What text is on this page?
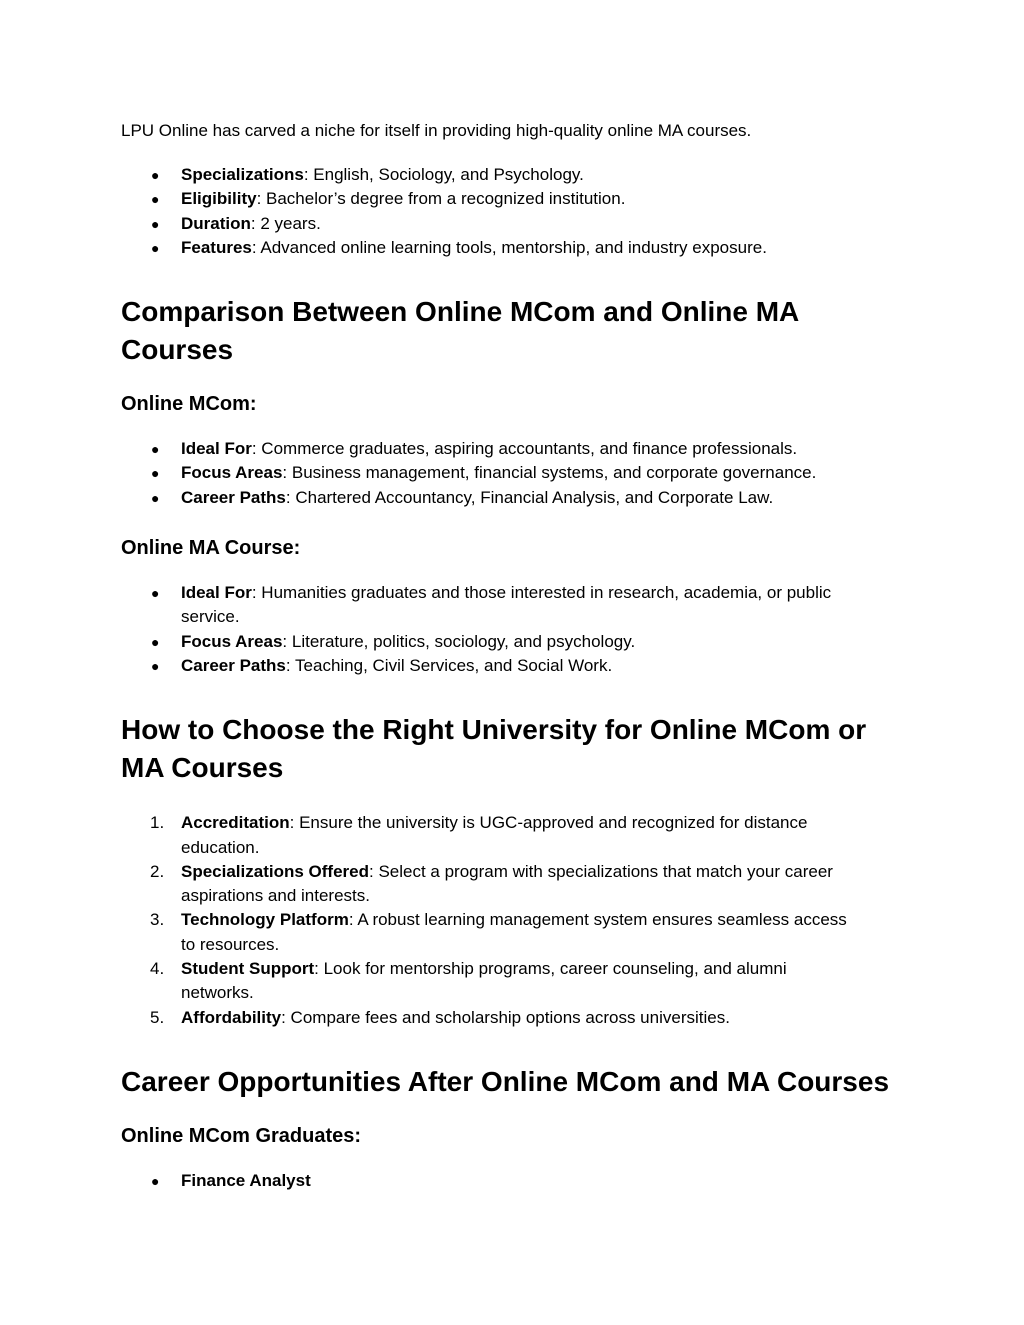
LPU Online has carved a niche for itself in providing high-quality online MA courses.

● Specializations: English, Sociology, and Psychology.
● Eligibility: Bachelor’s degree from a recognized institution.
● Duration: 2 years.
● Features: Advanced online learning tools, mentorship, and industry exposure.
Comparison Between Online MCom and Online MA
Courses
Online MCom:
● Ideal For: Commerce graduates, aspiring accountants, and finance professionals.
● Focus Areas: Business management, financial systems, and corporate governance.
● Career Paths: Chartered Accountancy, Financial Analysis, and Corporate Law.
Online MA Course:
● Ideal For: Humanities graduates and those interested in research, academia, or public
service.
● Focus Areas: Literature, politics, sociology, and psychology.
● Career Paths: Teaching, Civil Services, and Social Work.
How to Choose the Right University for Online MCom or
MA Courses
1. Accreditation: Ensure the university is UGC-approved and recognized for distance
education.
2. Specializations Offered: Select a program with specializations that match your career
aspirations and interests.
3. Technology Platform: A robust learning management system ensures seamless access
to resources.
4. Student Support: Look for mentorship programs, career counseling, and alumni
networks.
5. Affordability: Compare fees and scholarship options across universities.
Career Opportunities After Online MCom and MA Courses
Online MCom Graduates:
● Finance Analyst
